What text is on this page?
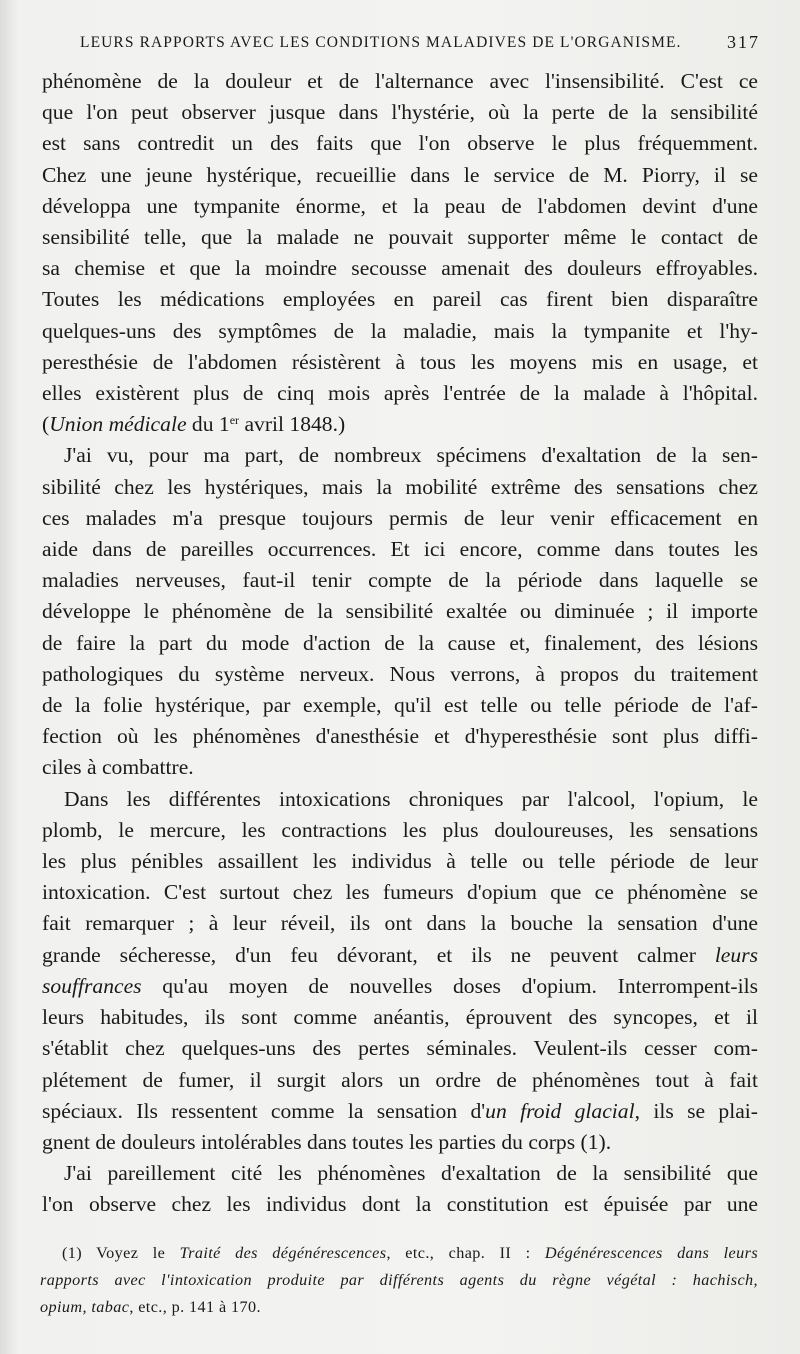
LEURS RAPPORTS AVEC LES CONDITIONS MALADIVES DE L'ORGANISME.	317
phénomène de la douleur et de l'alternance avec l'insensibilité. C'est ce
que l'on peut observer jusque dans l'hystérie, où la perte de la sensibilité
est sans contredit un des faits que l'on observe le plus fréquemment.
Chez une jeune hystérique, recueillie dans le service de M. Piorry, il se
développa une tympanite énorme, et la peau de l'abdomen devint d'une
sensibilité telle, que la malade ne pouvait supporter même le contact de
sa chemise et que la moindre secousse amenait des douleurs effroyables.
Toutes les médications employées en pareil cas firent bien disparaître
quelques-uns des symptômes de la maladie, mais la tympanite et l'hy-
peresthésie de l'abdomen résistèrent à tous les moyens mis en usage, et
elles existèrent plus de cinq mois après l'entrée de la malade à l'hôpital.
(Union médicale du 1er avril 1848.)
J'ai vu, pour ma part, de nombreux spécimens d'exaltation de la sen-
sibilité chez les hystériques, mais la mobilité extrême des sensations chez
ces malades m'a presque toujours permis de leur venir efficacement en
aide dans de pareilles occurrences. Et ici encore, comme dans toutes les
maladies nerveuses, faut-il tenir compte de la période dans laquelle se
développe le phénomène de la sensibilité exaltée ou diminuée ; il importe
de faire la part du mode d'action de la cause et, finalement, des lésions
pathologiques du système nerveux. Nous verrons, à propos du traitement
de la folie hystérique, par exemple, qu'il est telle ou telle période de l'af-
fection où les phénomènes d'anesthésie et d'hyperesthésie sont plus diffi-
ciles à combattre.
Dans les différentes intoxications chroniques par l'alcool, l'opium, le
plomb, le mercure, les contractions les plus douloureuses, les sensations
les plus pénibles assaillent les individus à telle ou telle période de leur
intoxication. C'est surtout chez les fumeurs d'opium que ce phénomène se
fait remarquer ; à leur réveil, ils ont dans la bouche la sensation d'une
grande sécheresse, d'un feu dévorant, et ils ne peuvent calmer leurs
souffrances qu'au moyen de nouvelles doses d'opium. Interrompent-ils
leurs habitudes, ils sont comme anéantis, éprouvent des syncopes, et il
s'établit chez quelques-uns des pertes séminales. Veulent-ils cesser com-
plétement de fumer, il surgit alors un ordre de phénomènes tout à fait
spéciaux. Ils ressentent comme la sensation d'un froid glacial, ils se plai-
gnent de douleurs intolérables dans toutes les parties du corps (1).
J'ai pareillement cité les phénomènes d'exaltation de la sensibilité que
l'on observe chez les individus dont la constitution est épuisée par une
(1) Voyez le Traité des dégénérescences, etc., chap. II : Dégénérescences dans leurs
rapports avec l'intoxication produite par différents agents du règne végétal : hachisch,
opium, tabac, etc., p. 141 à 170.
